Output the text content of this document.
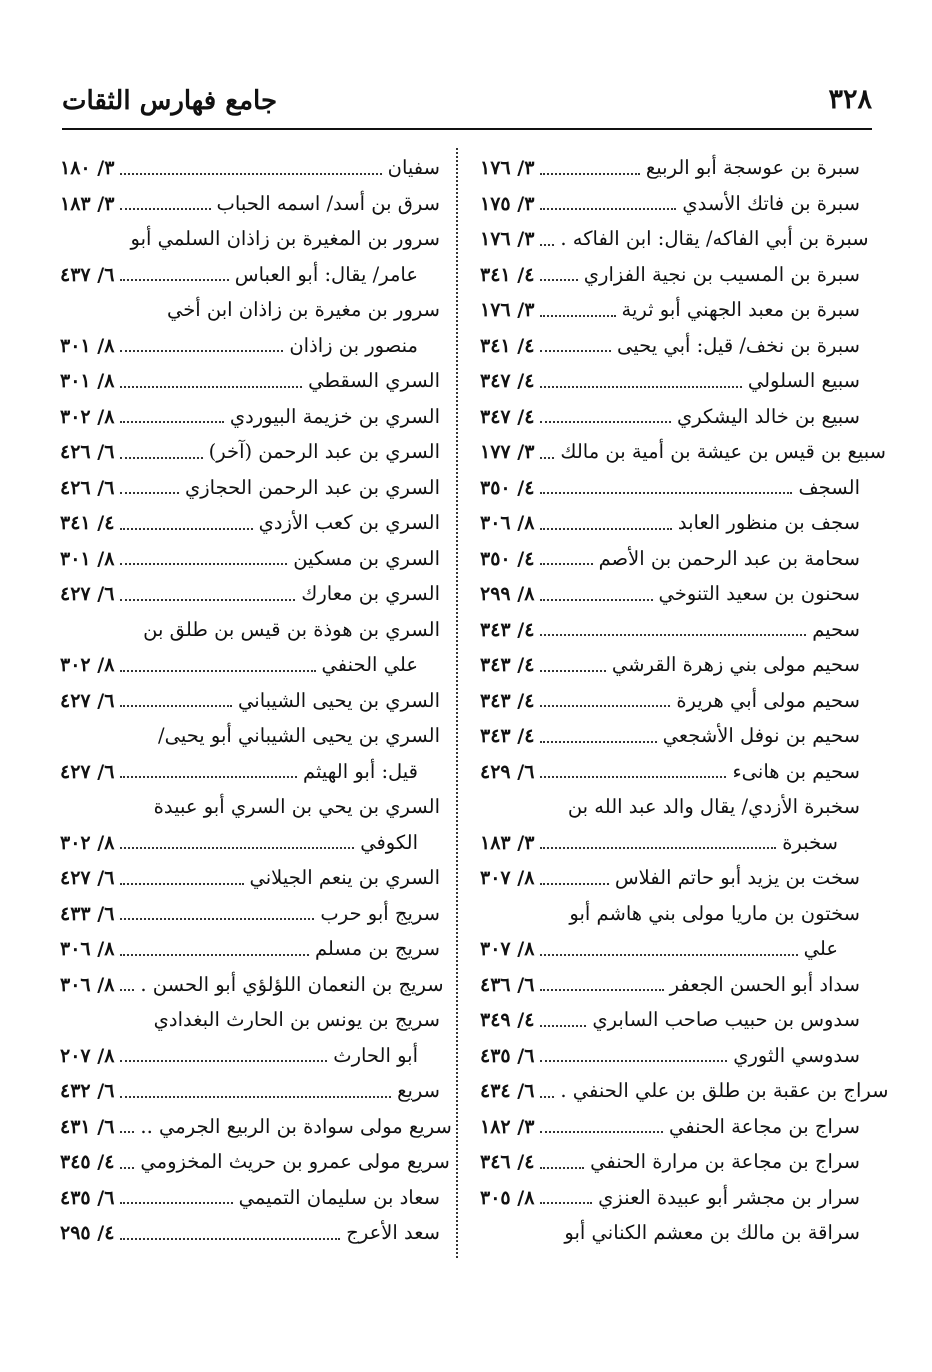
٣٢٨
جامع فهارس الثقات
٣/ ١٧٦	سبرة بن عوسجة أبو الربيع
٣/ ١٧٥	سبرة بن فاتك الأسدي
٣/ ١٧٦ سبرة بن أبي الفاكه/ يقال: ابن الفاكه .
٤/ ٣٤١	سبرة بن المسيب بن نجية الفزاري
٣/ ١٧٦	سبرة بن معبد الجهني أبو ثرية
٤/ ٣٤١	سبرة بن نخف/ قيل: أبي يحيى
٤/ ٣٤٧	سبيع السلولي
٤/ ٣٤٧	سبيع بن خالد اليشكري
٣/ ١٧٧ سبيع بن قيس بن عيشة بن أمية بن مالك
٤/ ٣٥٠	السجف
٨/ ٣٠٦	سجف بن منظور العابد
٤/ ٣٥٠	سحامة بن عبد الرحمن بن الأصم
٨/ ٢٩٩	سحنون بن سعيد التنوخي
٤/ ٣٤٣	سحيم
٤/ ٣٤٣	سحيم مولى بني زهرة القرشي
٤/ ٣٤٣	سحيم مولى أبي هريرة
٤/ ٣٤٣	سحيم بن نوفل الأشجعي
٦/ ٤٢٩	سحيم بن هانىء
سخبرة الأزدي/ يقال والد عبد الله بن
٣/ ١٨٣	سخبرة
٨/ ٣٠٧	سخت بن يزيد أبو حاتم الفلاس
سختون بن ماريا مولى بني هاشم أبو
٨/ ٣٠٧	علي
٦/ ٤٣٦	سداد أبو الحسن الجعفر
٤/ ٣٤٩	سدوس بن حبيب صاحب السابري
٦/ ٤٣٥	سدوسي الثوري
٦/ ٤٣٤ سراج بن عقبة بن طلق بن علي الحنفي .
٣/ ١٨٢	سراج بن مجاعة الحنفي
٤/ ٣٤٦	سراج بن مجاعة بن مرارة الحنفي
٨/ ٣٠٥	سرار بن مجشر أبو عبيدة العنزي
سراقة بن مالك بن معشم الكناني أبو
٣/ ١٨٠	سفيان
٣/ ١٨٣	سرق بن أسد/ اسمه الحباب
سرور بن المغيرة بن زاذان السلمي أبو
٦/ ٤٣٧	عامر/ يقال: أبو العباس
سرور بن مغيرة بن زاذان ابن أخي
٨/ ٣٠١	منصور بن زاذان
٨/ ٣٠١	السري السقطي
٨/ ٣٠٢	السري بن خزيمة البيوردي
٦/ ٤٢٦	السري بن عبد الرحمن (آخر)
٦/ ٤٢٦	السري بن عبد الرحمن الحجازي
٤/ ٣٤١	السري بن كعب الأزدي
٨/ ٣٠١	السري بن مسكين
٦/ ٤٢٧	السري بن معارك
السري بن هوذة بن قيس بن طلق بن
٨/ ٣٠٢	علي الحنفي
٦/ ٤٢٧	السري بن يحيى الشيباني
السري بن يحيى الشيباني أبو يحيى/
٦/ ٤٢٧	قيل: أبو الهيثم
السري بن يحي بن السري أبو عبيدة
٨/ ٣٠٢	الكوفي
٦/ ٤٢٧	السري بن ينعم الجيلاني
٦/ ٤٣٣	سريج أبو حرب
٨/ ٣٠٦	سريج بن مسلم
٨/ ٣٠٦ سريج بن النعمان اللؤلؤي أبو الحسن .
سريج بن يونس بن الحارث البغدادي
٨/ ٢٠٧	أبو الحارث
٦/ ٤٣٢	سريع
٦/ ٤٣١ سريع مولى سوادة بن الربيع الجرمي ..
٤/ ٣٤٥ سريع مولى عمرو بن حريث المخزومي
٦/ ٤٣٥	سعاد بن سليمان التميمي
٤/ ٢٩٥	سعد الأعرج
